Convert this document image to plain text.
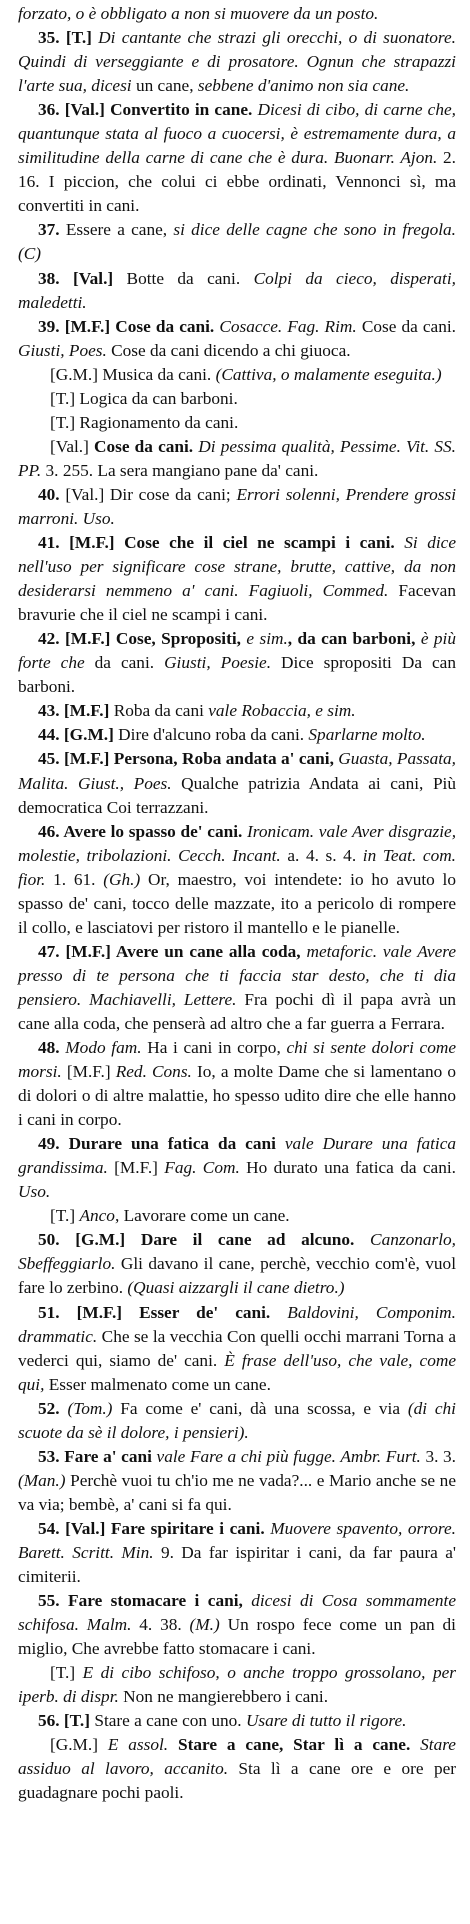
forzato, o è obbligato a non si muovere da un posto.

35. [T.] Di cantante che strazi gli orecchi, o di suonatore. Quindi di verseggiante e di prosatore. Ognun che strapazzi l'arte sua, dicesi un cane, sebbene d'animo non sia cane.

36. [Val.] Convertito in cane. Dicesi di cibo, di carne che, quantunque stata al fuoco a cuocersi, è estremamente dura, a similitudine della carne di cane che è dura. Buonarr. Ajon. 2. 16. I piccion, che colui ci ebbe ordinati, Vennonci sì, ma convertiti in cani.

37. Essere a cane, si dice delle cagne che sono in fregola. (C)

38. [Val.] Botte da cani. Colpi da cieco, disperati, maledetti.

39. [M.F.] Cose da cani. Cosacce. Fag. Rim. Cose da cani. Giusti, Poes. Cose da cani dicendo a chi giuoca.

[G.M.] Musica da cani. (Cattiva, o malamente eseguita.)

[T.] Logica da can barboni.

[T.] Ragionamento da cani.

[Val.] Cose da cani. Di pessima qualità, Pessime. Vit. SS. PP. 3. 255. La sera mangiano pane da' cani.

40. [Val.] Dir cose da cani; Errori solenni, Prendere grossi marroni. Uso.

41. [M.F.] Cose che il ciel ne scampi i cani. Si dice nell'uso per significare cose strane, brutte, cattive, da non desiderarsi nemmeno a' cani. Fagiuoli, Commed. Facevan bravurie che il ciel ne scampi i cani.

42. [M.F.] Cose, Spropositi, e sim., da can barboni, è più forte che da cani. Giusti, Poesie. Dice spropositi Da can barboni.

43. [M.F.] Roba da cani vale Robaccia, e sim.

44. [G.M.] Dire d'alcuno roba da cani. Sparlarne molto.

45. [M.F.] Persona, Roba andata a' cani, Guasta, Passata, Malita. Giust., Poes. Qualche patrizia Andata ai cani, Più democratica Coi terrazzani.

46. Avere lo spasso de' cani. Ironicam. vale Aver disgrazie, molestie, tribolazioni. Cecch. Incant. a. 4. s. 4. in Teat. com. fior. 1. 61. (Gh.) Or, maestro, voi intendete: io ho avuto lo spasso de' cani, tocco delle mazzate, ito a pericolo di rompere il collo, e lasciatovi per ristoro il mantello e le pianelle.

47. [M.F.] Avere un cane alla coda, metaforic. vale Avere presso di te persona che ti faccia star desto, che ti dia pensiero. Machiavelli, Lettere. Fra pochi dì il papa avrà un cane alla coda, che penserà ad altro che a far guerra a Ferrara.

48. Modo fam. Ha i cani in corpo, chi si sente dolori come morsi. [M.F.] Red. Cons. Io, a molte Dame che si lamentano o di dolori o di altre malattie, ho spesso udito dire che elle hanno i cani in corpo.

49. Durare una fatica da cani vale Durare una fatica grandissima. [M.F.] Fag. Com. Ho durato una fatica da cani. Uso.

[T.] Anco, Lavorare come un cane.

50. [G.M.] Dare il cane ad alcuno. Canzonarlo, Sbeffeggiarlo. Gli davano il cane, perchè, vecchio com'è, vuol fare lo zerbino. (Quasi aizzargli il cane dietro.)

51. [M.F.] Esser de' cani. Baldovini, Componim. drammatic. Che se la vecchia Con quelli occhi marrani Torna a vederci qui, siamo de' cani. È frase dell'uso, che vale, come qui, Esser malmenato come un cane.

52. (Tom.) Fa come e' cani, dà una scossa, e via (di chi scuote da sè il dolore, i pensieri).

53. Fare a' cani vale Fare a chi più fugge. Ambr. Furt. 3. 3. (Man.) Perchè vuoi tu ch'io me ne vada?... e Mario anche se ne va via; bembè, a' cani si fa qui.

54. [Val.] Fare spiritare i cani. Muovere spavento, orrore. Barett. Scritt. Min. 9. Da far ispiritar i cani, da far paura a' cimiterii.

55. Fare stomacare i cani, dicesi di Cosa sommamente schifosa. Malm. 4. 38. (M.) Un rospo fece come un pan di miglio, Che avrebbe fatto stomacare i cani.

[T.] E di cibo schifoso, o anche troppo grossolano, per iperb. di dispr. Non ne mangierebbero i cani.

56. [T.] Stare a cane con uno. Usare di tutto il rigore.

[G.M.] E assol. Stare a cane, Star lì a cane. Stare assiduo al lavoro, accanito. Sta lì a cane ore e ore per guadagnare pochi paoli.
